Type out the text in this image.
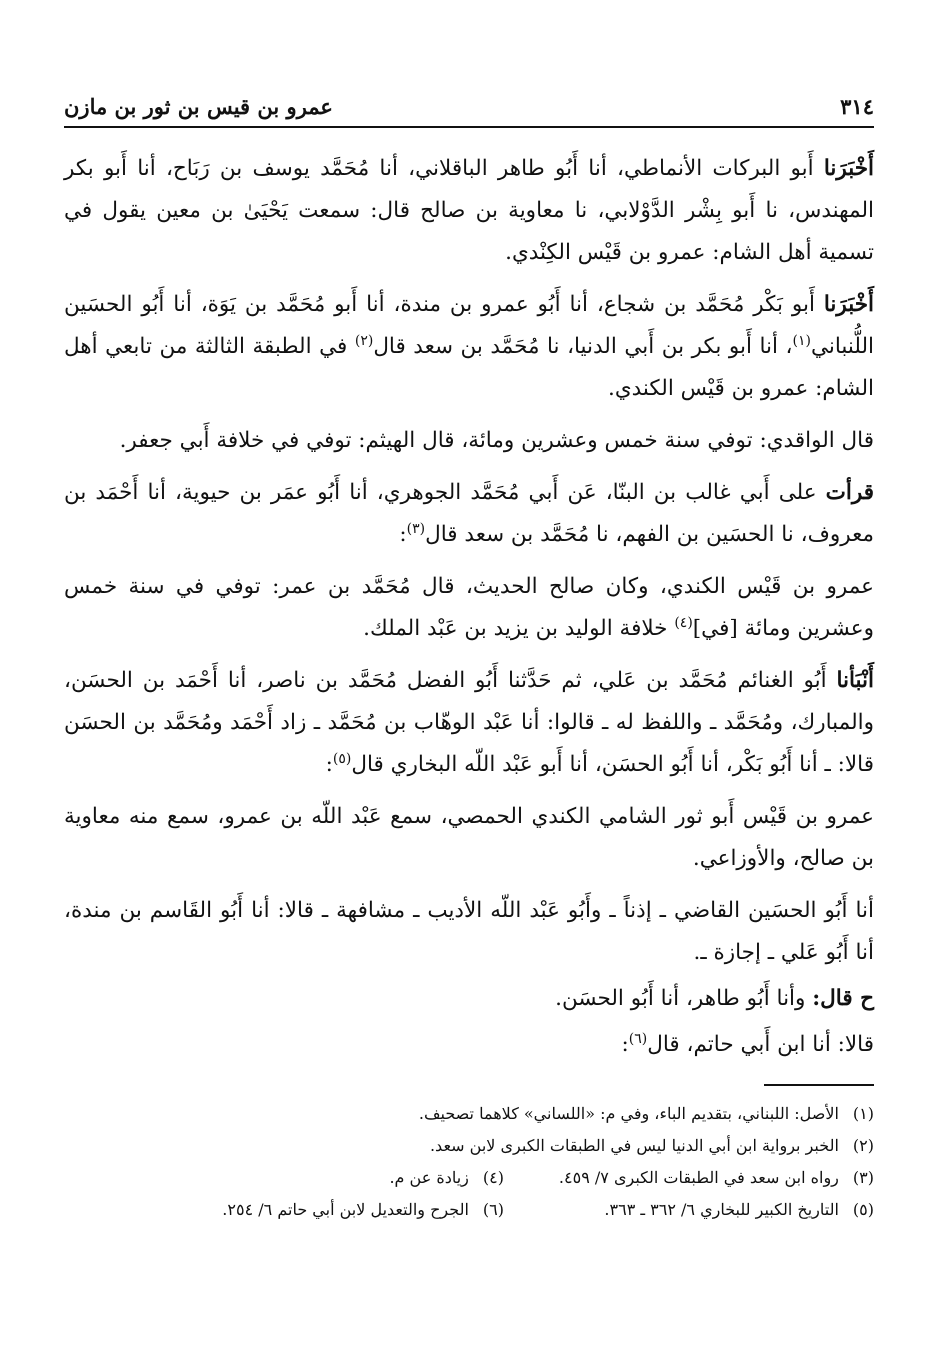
٣١٤
عمرو بن قيس بن ثور بن مازن

أَخْبَرَنا أَبو البركات الأنماطي، أنا أَبُو طاهر الباقلاني، أنا مُحَمَّد يوسف بن رَبَاح، أنا أَبو بكر المهندس، نا أَبو بِشْر الدَّوْلابي، نا معاوية بن صالح قال: سمعت يَحْيَىٰ بن معين يقول في تسمية أهل الشام: عمرو بن قَيْس الكِنْدي.

أَخْبَرَنا أَبو بَكْر مُحَمَّد بن شجاع، أنا أَبُو عمرو بن مندة، أنا أَبو مُحَمَّد بن يَوَة، أنا أَبُو الحسَين اللُّنباني$^{(١)}$، أنا أَبو بكر بن أَبي الدنيا، نا مُحَمَّد بن سعد قال$^{(٢)}$ في الطبقة الثالثة من تابعي أهل الشام: عمرو بن قَيْس الكندي.

قال الواقدي: توفي سنة خمس وعشرين ومائة، قال الهيثم: توفي في خلافة أَبي جعفر.

قرأت على أَبي غالب بن البنّا، عَن أَبي مُحَمَّد الجوهري، أنا أَبُو عمَر بن حيوية، أنا أَحْمَد بن معروف، نا الحسَين بن الفهم، نا مُحَمَّد بن سعد قال$^{(٣)}$:

عمرو بن قَيْس الكندي، وكان صالح الحديث، قال مُحَمَّد بن عمر: توفي في سنة خمس وعشرين ومائة [في]$^{(٤)}$ خلافة الوليد بن يزيد بن عَبْد الملك.

أَنْبَأنا أَبُو الغنائم مُحَمَّد بن عَلي، ثم حَدَّثنا أَبُو الفضل مُحَمَّد بن ناصر، أنا أَحْمَد بن الحسَن، والمبارك، ومُحَمَّد ـ واللفظ له ـ قالوا: أنا عَبْد الوهّاب بن مُحَمَّد ـ زاد أَحْمَد ومُحَمَّد بن الحسَن قالا: ـ أنا أَبُو بَكْر، أنا أَبُو الحسَن، أنا أَبو عَبْد اللّه البخاري قال$^{(٥)}$:

عمرو بن قَيْس أَبو ثور الشامي الكندي الحمصي، سمع عَبْد اللّه بن عمرو، سمع منه معاوية بن صالح، والأوزاعي.

أنا أَبُو الحسَين القاضي ـ إذناً ـ وأَبُو عَبْد اللّه الأديب ـ مشافهة ـ قالا: أنا أَبُو القَاسم بن مندة، أنا أَبُو عَلي ـ إجازة ـ.

ح قال: وأنا أَبُو طاهر، أنا أَبُو الحسَن.

قالا: أنا ابن أَبي حاتم، قال$^{(٦)}$:

(١)الأصل: اللبناني، بتقديم الباء، وفي م: «اللساني» كلاهما تصحيف.

(٢)الخبر برواية ابن أبي الدنيا ليس في الطبقات الكبرى لابن سعد.

(٣)رواه ابن سعد في الطبقات الكبرى ٧/ ٤٥٩.

(٤)زيادة عن م.

(٥)التاريخ الكبير للبخاري ٦/ ٣٦٢ ـ ٣٦٣.

(٦)الجرح والتعديل لابن أبي حاتم ٦/ ٢٥٤.
